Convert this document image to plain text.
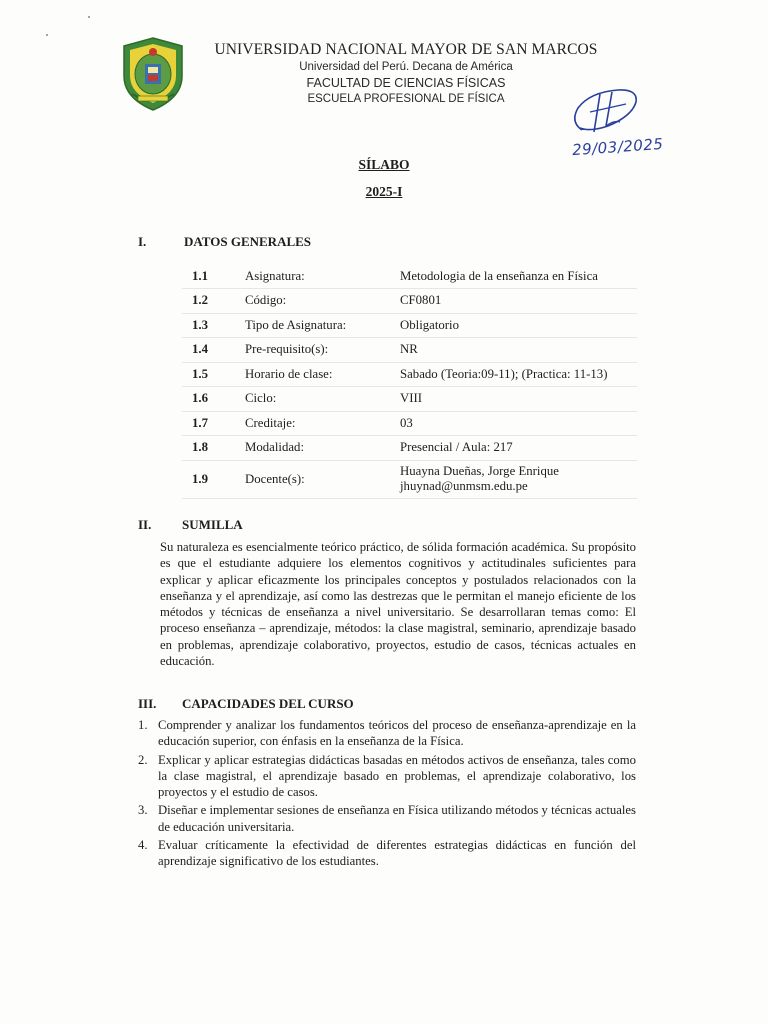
UNIVERSIDAD NACIONAL MAYOR DE SAN MARCOS
Universidad del Perú. Decana de América
FACULTAD DE CIENCIAS FÍSICAS
ESCUELA PROFESIONAL DE FÍSICA
29/03/2025
SÍLABO
2025-I
I.	DATOS GENERALES
1.1	Asignatura:	Metodologia de la enseñanza en Física
1.2	Código:	CF0801
1.3	Tipo de Asignatura:	Obligatorio
1.4	Pre-requisito(s):	NR
1.5	Horario de clase:	Sabado (Teoria:09-11); (Practica: 11-13)
1.6	Ciclo:	VIII
1.7	Creditaje:	03
1.8	Modalidad:	Presencial / Aula: 217
1.9	Docente(s):	Huayna Dueñas, Jorge Enrique
jhuynad@unmsm.edu.pe
II. SUMILLA

Su naturaleza es esencialmente teórico práctico, de sólida formación académica. Su propósito es que el estudiante adquiere los elementos cognitivos y actitudinales suficientes para explicar y aplicar eficazmente los principales conceptos y postulados relacionados con la enseñanza y el aprendizaje, así como las destrezas que le permitan el manejo eficiente de los métodos y técnicas de enseñanza a nivel universitario. Se desarrollaran temas como: El proceso enseñanza – aprendizaje, métodos: la clase magistral, seminario, aprendizaje basado en problemas, aprendizaje colaborativo, proyectos, estudio de casos, técnicas actuales en educación.

III. CAPACIDADES DEL CURSO
1. Comprender y analizar los fundamentos teóricos del proceso de enseñanza-aprendizaje en la educación superior, con énfasis en la enseñanza de la Física.
2. Explicar y aplicar estrategias didácticas basadas en métodos activos de enseñanza, tales como la clase magistral, el aprendizaje basado en problemas, el aprendizaje colaborativo, los proyectos y el estudio de casos.
3. Diseñar e implementar sesiones de enseñanza en Física utilizando métodos y técnicas actuales de educación universitaria.
4. Evaluar críticamente la efectividad de diferentes estrategias didácticas en función del aprendizaje significativo de los estudiantes.
